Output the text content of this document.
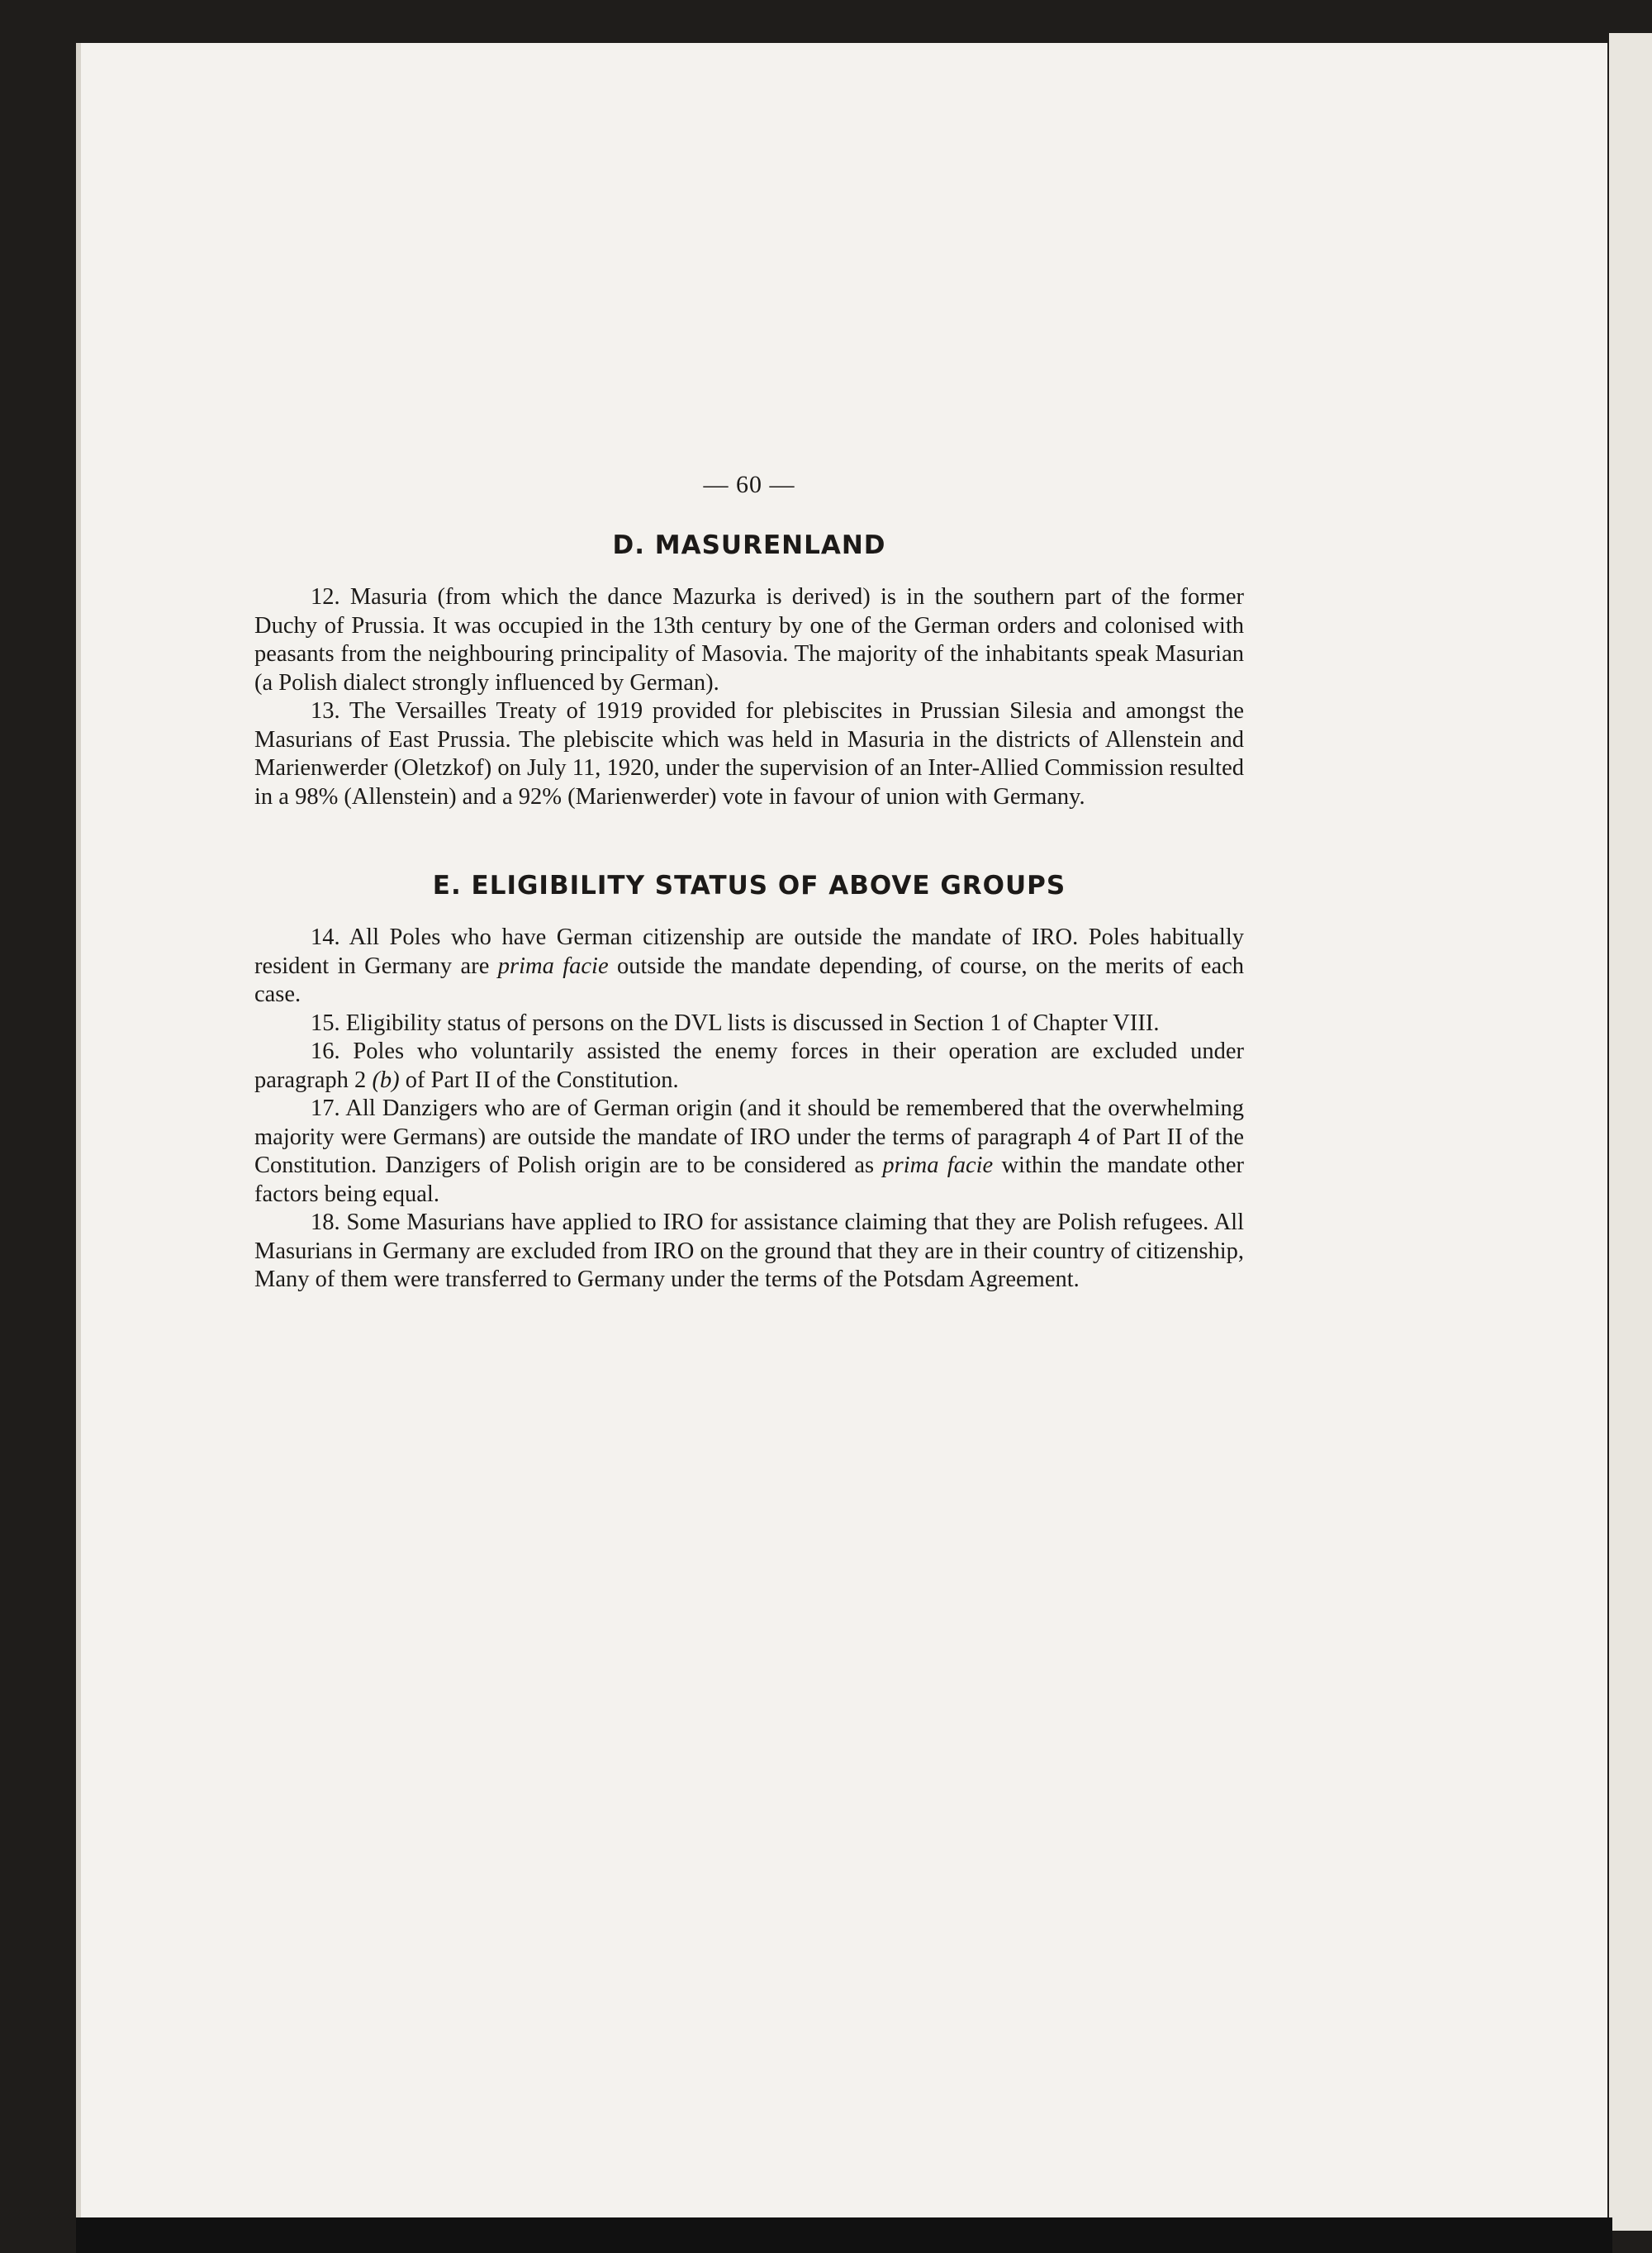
— 60 —
D. MASURENLAND

12. Masuria (from which the dance Mazurka is derived) is in the southern part of the former Duchy of Prussia. It was occupied in the 13th century by one of the German orders and colonised with peasants from the neighbouring principality of Masovia. The majority of the inhabitants speak Masurian (a Polish dialect strongly influenced by German).

13. The Versailles Treaty of 1919 provided for plebiscites in Prussian Silesia and amongst the Masurians of East Prussia. The plebiscite which was held in Masuria in the districts of Allenstein and Marienwerder (Oletzkof) on July 11, 1920, under the supervision of an Inter-Allied Commission resulted in a 98% (Allenstein) and a 92% (Marienwerder) vote in favour of union with Germany.

E. ELIGIBILITY STATUS OF ABOVE GROUPS

14. All Poles who have German citizenship are outside the mandate of IRO. Poles habitually resident in Germany are prima facie outside the mandate depending, of course, on the merits of each case.

15. Eligibility status of persons on the DVL lists is discussed in Section 1 of Chapter VIII.

16. Poles who voluntarily assisted the enemy forces in their operation are excluded under paragraph 2 (b) of Part II of the Constitution.

17. All Danzigers who are of German origin (and it should be remembered that the overwhelming majority were Germans) are outside the mandate of IRO under the terms of paragraph 4 of Part II of the Constitution. Danzigers of Polish origin are to be considered as prima facie within the mandate other factors being equal.

18. Some Masurians have applied to IRO for assistance claiming that they are Polish refugees. All Masurians in Germany are excluded from IRO on the ground that they are in their country of citizenship, Many of them were transferred to Germany under the terms of the Potsdam Agreement.
